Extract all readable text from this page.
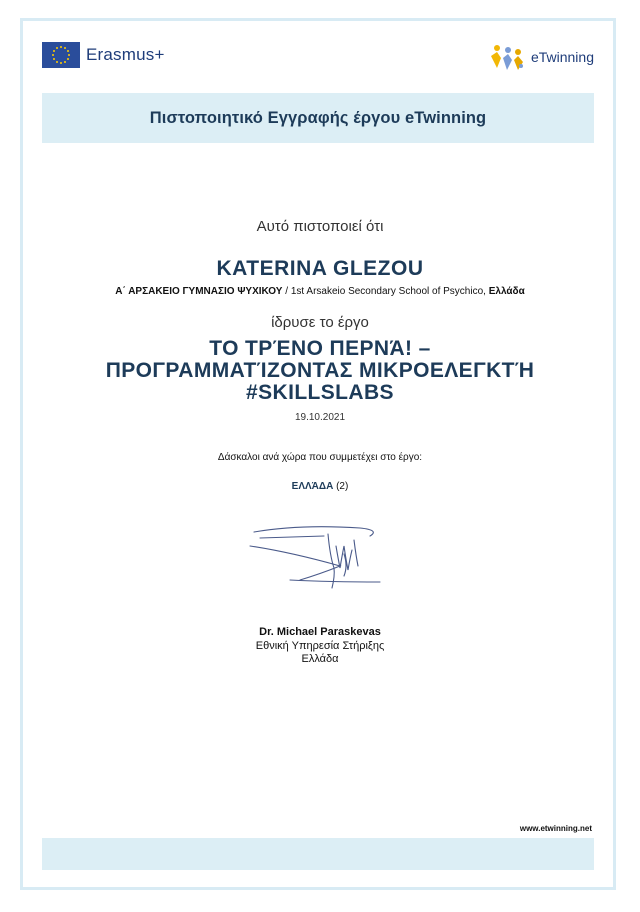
Erasmus+	eTwinning
Πιστοποιητικό Εγγραφής έργου eTwinning
Αυτό πιστοποιεί ότι
KATERINA GLEZOU
Α΄ ΑΡΣΑΚΕΙΟ ΓΥΜΝΑΣΙΟ ΨΥΧΙΚΟΥ / 1st Arsakeio Secondary School of Psychico, Ελλάδα
ίδρυσε το έργο
ΤΟ ΤΡΈΝΟ ΠΕΡΝΆ! –
ΠΡΟΓΡΑΜΜΑΤΊΖΟΝΤΑΣ ΜΙΚΡΟΕΛΕΓΚΤΉ
#SKILLSLABS
19.10.2021
Δάσκαλοι ανά χώρα που συμμετέχει στο έργο:
ΕΛΛΆΔΑ (2)
Dr. Michael Paraskevas
Εθνική Υπηρεσία Στήριξης
Ελλάδα
www.etwinning.net
